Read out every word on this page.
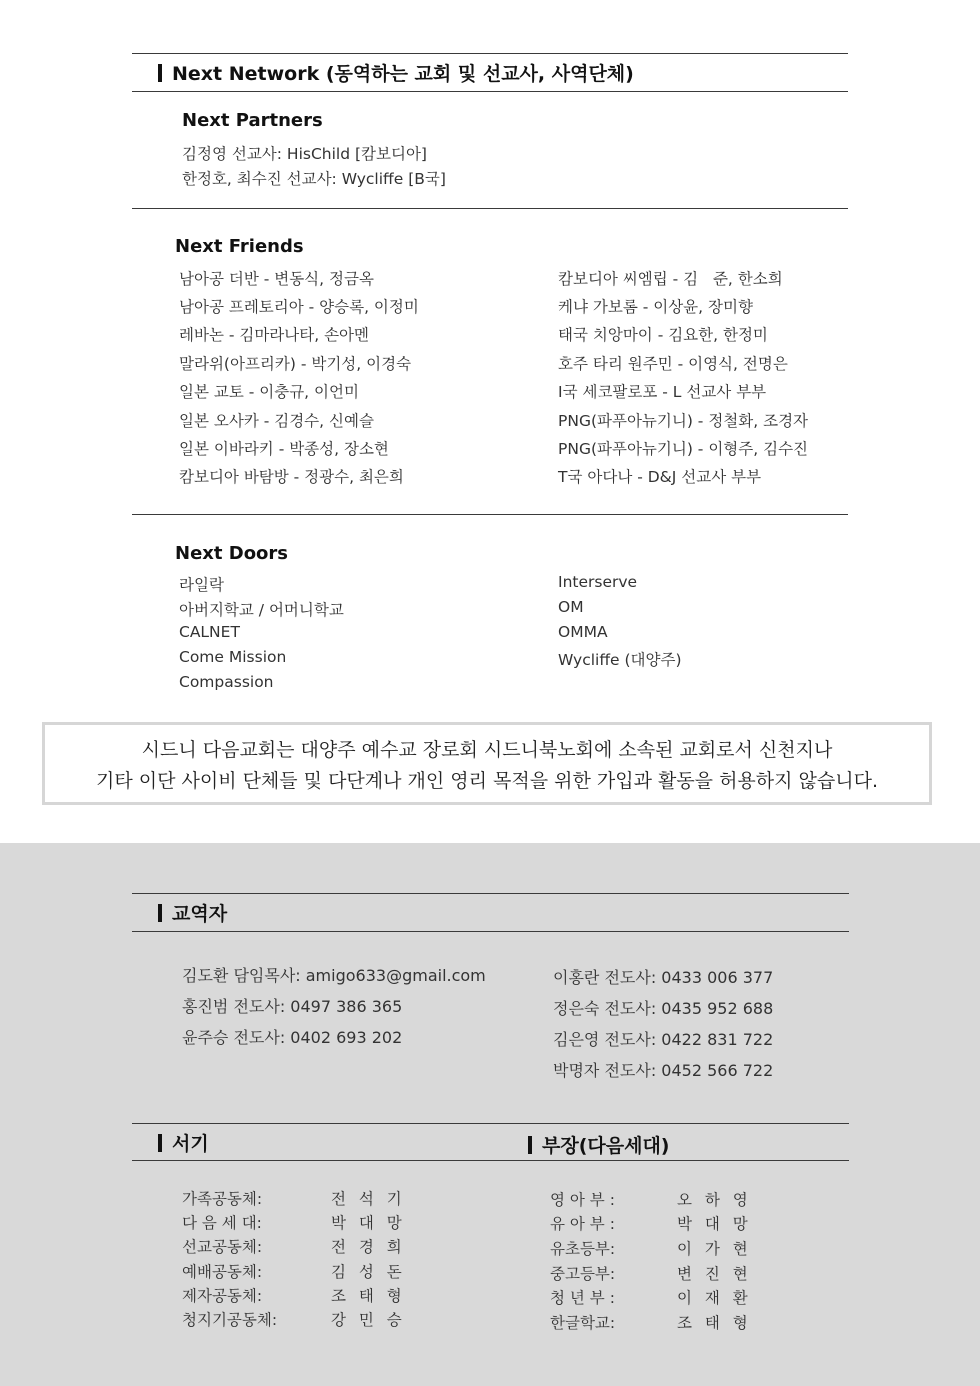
Next Network (동역하는 교회 및 선교사, 사역단체)
Next Partners
김정영 선교사: HisChild [캄보디아]
한정호, 최수진 선교사: Wycliffe [B국]
Next Friends
남아공 더반 - 변동식, 정금옥
남아공 프레토리아 - 양승록, 이정미
레바논 - 김마라나타, 손아멘
말라위(아프리카) - 박기성, 이경숙
일본 교토 - 이충규, 이언미
일본 오사카 - 김경수, 신예슬
일본 이바라키 - 박종성, 장소현
캄보디아 바탐방 - 정광수, 최은희
캄보디아 씨엠립 - 김   준, 한소희
케냐 가보롬 - 이상윤, 장미향
태국 치앙마이 - 김요한, 한정미
호주 타리 원주민 - 이영식, 전명은
I국 세코팔로포 - L 선교사 부부
PNG(파푸아뉴기니) - 정철화, 조경자
PNG(파푸아뉴기니) - 이형주, 김수진
T국 아다나 - D&J 선교사 부부
Next Doors
라일락
아버지학교 / 어머니학교
CALNET
Come Mission
Compassion
Interserve
OM
OMMA
Wycliffe (대양주)
시드니 다음교회는 대양주 예수교 장로회 시드니북노회에 소속된 교회로서 신천지나
기타 이단 사이비 단체들 및 다단계나 개인 영리 목적을 위한 가입과 활동을 허용하지 않습니다.
교역자
김도환 담임목사: amigo633@gmail.com
홍진범 전도사: 0497 386 365
윤주승 전도사: 0402 693 202
이홍란 전도사: 0433 006 377
정은숙 전도사: 0435 952 688
김은영 전도사: 0422 831 722
박명자 전도사: 0452 566 722
서기	부장(다음세대)
가족공동체:	전 석 기
다 음 세 대:	박 대 망
선교공동체:	전 경 희
예배공동체:	김 성 돈
제자공동체:	조 태 형
청지기공동체:	강 민 승
영 아 부 :	오 하 영
유 아 부 :	박 대 망
유초등부:	이 가 현
중고등부:	변 진 현
청 년 부 :	이 재 환
한글학교:	조 태 형
